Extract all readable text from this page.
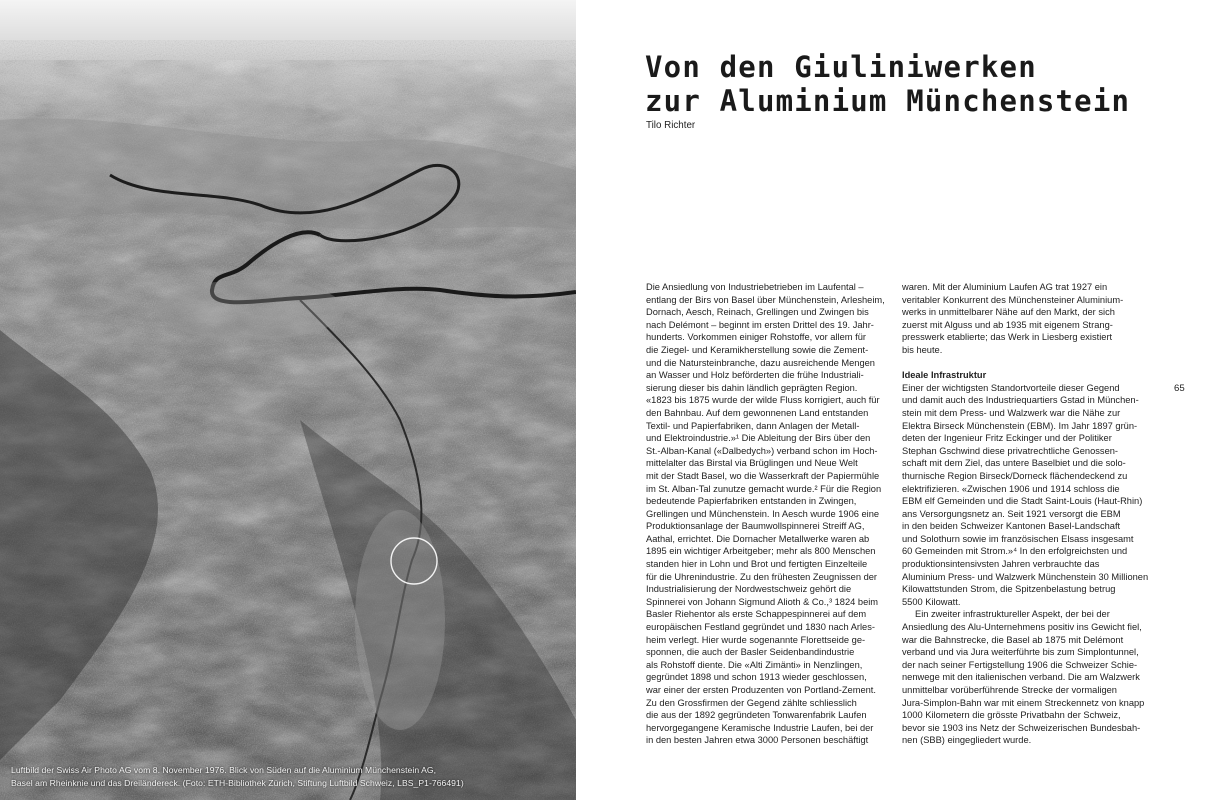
Luftbild der Swiss Air Photo AG vom 8. November 1976. Blick von Süden auf die Aluminium Münchenstein AG,
Basel am Rheinknie und das Dreiländereck. (Foto: ETH-Bibliothek Zürich, Stiftung Luftbild Schweiz, LBS_P1-766491)
Von den Giuliniwerken
zur Aluminium Münchenstein
Tilo Richter
Die Ansiedlung von Industriebetrieben im Laufental –
entlang der Birs von Basel über Münchenstein, Arlesheim,
Dornach, Aesch, Reinach, Grellingen und Zwingen bis
nach Delémont – beginnt im ersten Drittel des 19. Jahr-
hunderts. Vorkommen einiger Rohstoffe, vor allem für
die Ziegel- und Keramikherstellung sowie die Zement-
und die Natursteinbranche, dazu ausreichende Mengen
an Wasser und Holz beförderten die frühe Industriali-
sierung dieser bis dahin ländlich geprägten Region.
«1823 bis 1875 wurde der wilde Fluss korrigiert, auch für
den Bahnbau. Auf dem gewonnenen Land entstanden
Textil- und Papierfabriken, dann Anlagen der Metall-
und Elektroindustrie.»¹ Die Ableitung der Birs über den
St.-Alban-Kanal («Dalbedych») verband schon im Hoch-
mittelalter das Birstal via Brüglingen und Neue Welt
mit der Stadt Basel, wo die Wasserkraft der Papiermühle
im St. Alban-Tal zunutze gemacht wurde.² Für die Region
bedeutende Papierfabriken entstanden in Zwingen,
Grellingen und Münchenstein. In Aesch wurde 1906 eine
Produktionsanlage der Baumwollspinnerei Streiff AG,
Aathal, errichtet. Die Dornacher Metallwerke waren ab
1895 ein wichtiger Arbeitgeber; mehr als 800 Menschen
standen hier in Lohn und Brot und fertigten Einzelteile
für die Uhrenindustrie. Zu den frühesten Zeugnissen der
Industrialisierung der Nordwestschweiz gehört die
Spinnerei von Johann Sigmund Alioth & Co.,³ 1824 beim
Basler Riehentor als erste Schappespinnerei auf dem
europäischen Festland gegründet und 1830 nach Arles-
heim verlegt. Hier wurde sogenannte Florettseide ge-
sponnen, die auch der Basler Seidenbandindustrie
als Rohstoff diente. Die «Alti Zimänti» in Nenzlingen,
gegründet 1898 und schon 1913 wieder geschlossen,
war einer der ersten Produzenten von Portland-Zement.
Zu den Grossfirmen der Gegend zählte schliesslich
die aus der 1892 gegründeten Tonwarenfabrik Laufen
hervorgegangene Keramische Industrie Laufen, bei der
in den besten Jahren etwa 3000 Personen beschäftigt
waren. Mit der Aluminium Laufen AG trat 1927 ein
veritabler Konkurrent des Münchensteiner Aluminium-
werks in unmittelbarer Nähe auf den Markt, der sich
zuerst mit Alguss und ab 1935 mit eigenem Strang-
presswerk etablierte; das Werk in Liesberg existiert
bis heute.
Ideale Infrastruktur
Einer der wichtigsten Standortvorteile dieser Gegend
und damit auch des Industriequartiers Gstad in München-
stein mit dem Press- und Walzwerk war die Nähe zur
Elektra Birseck Münchenstein (EBM). Im Jahr 1897 grün-
deten der Ingenieur Fritz Eckinger und der Politiker
Stephan Gschwind diese privatrechtliche Genossen-
schaft mit dem Ziel, das untere Baselbiet und die solo-
thurnische Region Birseck/Dorneck flächendeckend zu
elektrifizieren. «Zwischen 1906 und 1914 schloss die
EBM elf Gemeinden und die Stadt Saint-Louis (Haut-Rhin)
ans Versorgungsnetz an. Seit 1921 versorgt die EBM
in den beiden Schweizer Kantonen Basel-Landschaft
und Solothurn sowie im französischen Elsass insgesamt
60 Gemeinden mit Strom.»⁴ In den erfolgreichsten und
produktionsintensivsten Jahren verbrauchte das
Aluminium Press- und Walzwerk Münchenstein 30 Millionen
Kilowattstunden Strom, die Spitzenbelastung betrug
5500 Kilowatt.
Ein zweiter infrastruktureller Aspekt, der bei der
Ansiedlung des Alu-Unternehmens positiv ins Gewicht fiel,
war die Bahnstrecke, die Basel ab 1875 mit Delémont
verband und via Jura weiterführte bis zum Simplontunnel,
der nach seiner Fertigstellung 1906 die Schweizer Schie-
nenwege mit den italienischen verband. Die am Walzwerk
unmittelbar vorüberführende Strecke der vormaligen
Jura-Simplon-Bahn war mit einem Streckennetz von knapp
1000 Kilometern die grösste Privatbahn der Schweiz,
bevor sie 1903 ins Netz der Schweizerischen Bundesbah-
nen (SBB) eingegliedert wurde.
65
